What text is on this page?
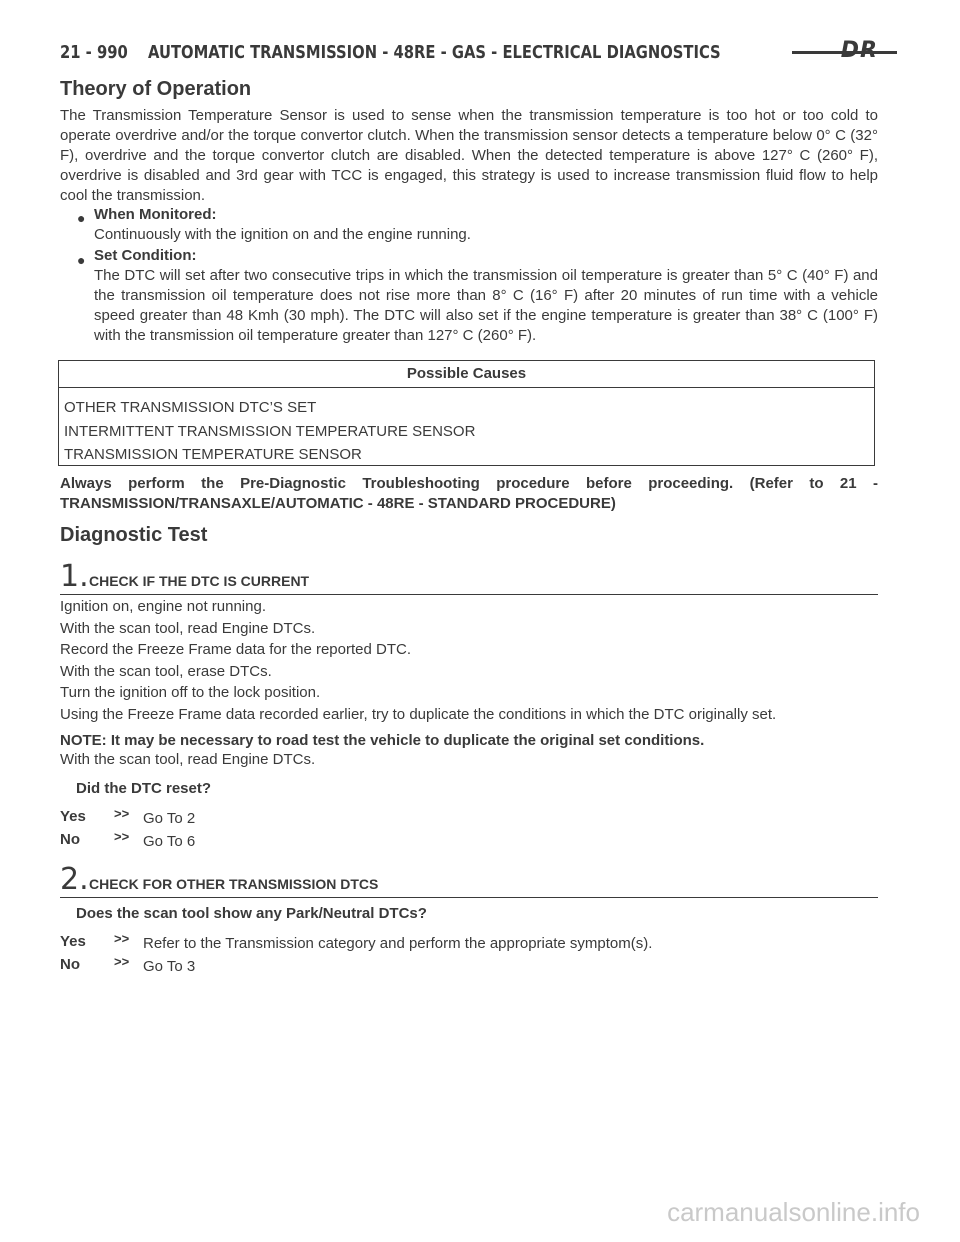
21 - 990 AUTOMATIC TRANSMISSION - 48RE - GAS - ELECTRICAL DIAGNOSTICS	DR
Theory of Operation
The Transmission Temperature Sensor is used to sense when the transmission temperature is too hot or too cold to operate overdrive and/or the torque convertor clutch. When the transmission sensor detects a temperature below 0° C (32° F), overdrive and the torque convertor clutch are disabled. When the detected temperature is above 127° C (260° F), overdrive is disabled and 3rd gear with TCC is engaged, this strategy is used to increase transmission fluid flow to help cool the transmission.
● When Monitored:
Continuously with the ignition on and the engine running.
● Set Condition:
The DTC will set after two consecutive trips in which the transmission oil temperature is greater than 5° C (40° F) and the transmission oil temperature does not rise more than 8° C (16° F) after 20 minutes of run time with a vehicle speed greater than 48 Kmh (30 mph). The DTC will also set if the engine temperature is greater than 38° C (100° F) with the transmission oil temperature greater than 127° C (260° F).
Possible Causes
OTHER TRANSMISSION DTC’S SET
INTERMITTENT TRANSMISSION TEMPERATURE SENSOR
TRANSMISSION TEMPERATURE SENSOR
Always perform the Pre-Diagnostic Troubleshooting procedure before proceeding. (Refer to 21 - TRANSMISSION/TRANSAXLE/AUTOMATIC - 48RE - STANDARD PROCEDURE)
Diagnostic Test
1. CHECK IF THE DTC IS CURRENT
Ignition on, engine not running.
With the scan tool, read Engine DTCs.
Record the Freeze Frame data for the reported DTC.
With the scan tool, erase DTCs.
Turn the ignition off to the lock position.
Using the Freeze Frame data recorded earlier, try to duplicate the conditions in which the DTC originally set.
NOTE: It may be necessary to road test the vehicle to duplicate the original set conditions.
With the scan tool, read Engine DTCs.
Did the DTC reset?
Yes >> Go To 2
No	>> Go To 6
2. CHECK FOR OTHER TRANSMISSION DTCS
Does the scan tool show any Park/Neutral DTCs?
Yes >> Refer to the Transmission category and perform the appropriate symptom(s).
No	>> Go To 3
carmanualsonline.info
